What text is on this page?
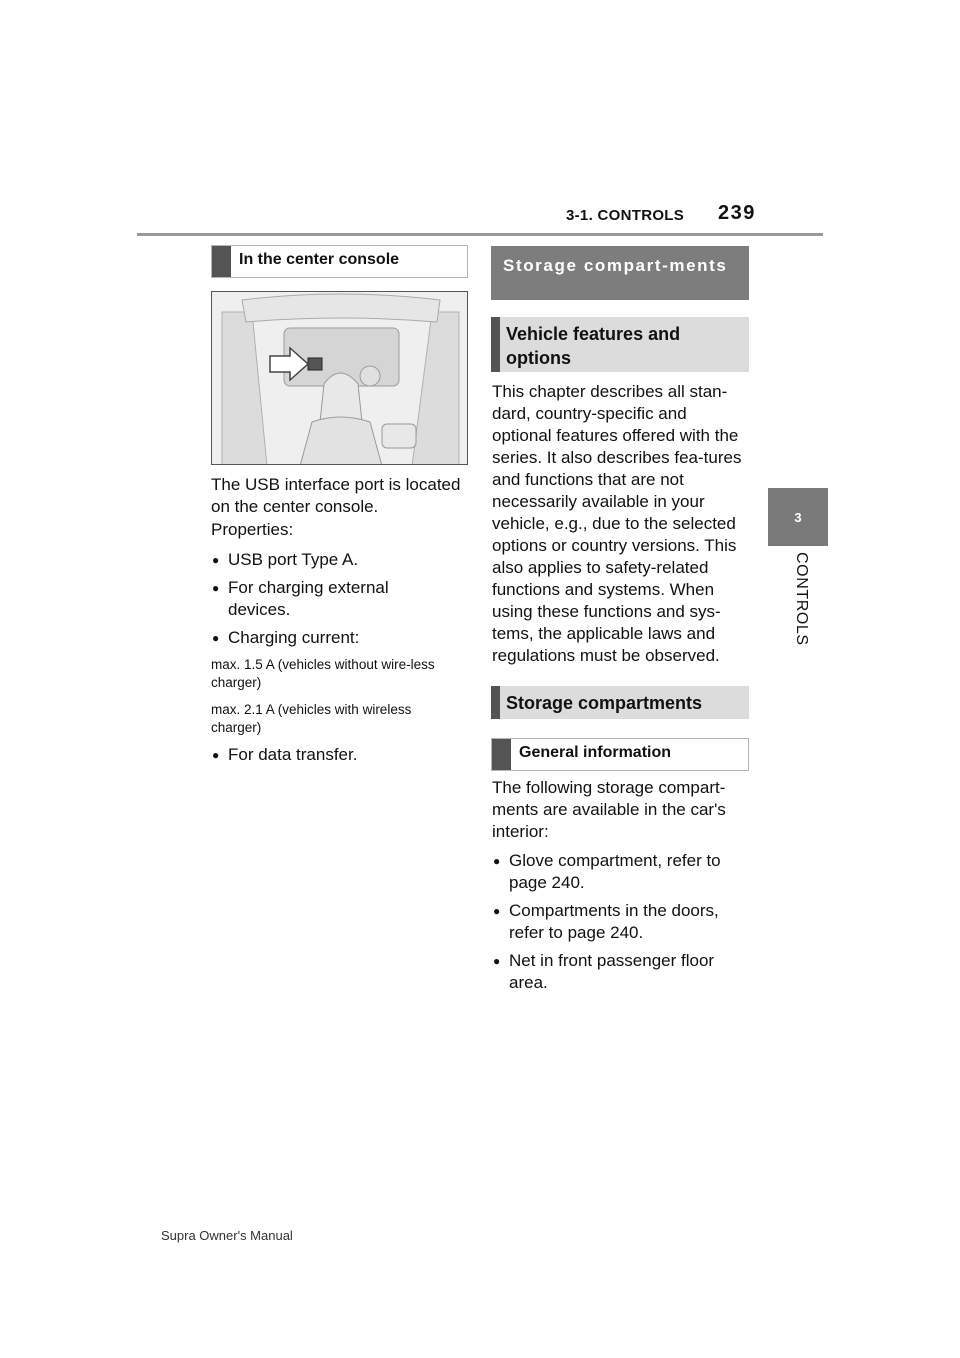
3-1. CONTROLS 239
3
CONTROLS
In the center console
The USB interface port is located on the center console.
Properties:
● USB port Type A.
● For charging external devices.
● Charging current:
max. 1.5 A (vehicles without wire-less charger)
max. 2.1 A (vehicles with wireless charger)
● For data transfer.
Storage compart-ments
Vehicle features and options
This chapter describes all stan-dard, country-specific and optional features offered with the series. It also describes fea-tures and functions that are not necessarily available in your vehicle, e.g., due to the selected options or country versions. This also applies to safety-related functions and systems. When using these functions and sys-tems, the applicable laws and regulations must be observed.
Storage compartments
General information
The following storage compart-ments are available in the car's interior:
● Glove compartment, refer to page 240.
● Compartments in the doors, refer to page 240.
● Net in front passenger floor area.
Supra Owner's Manual
